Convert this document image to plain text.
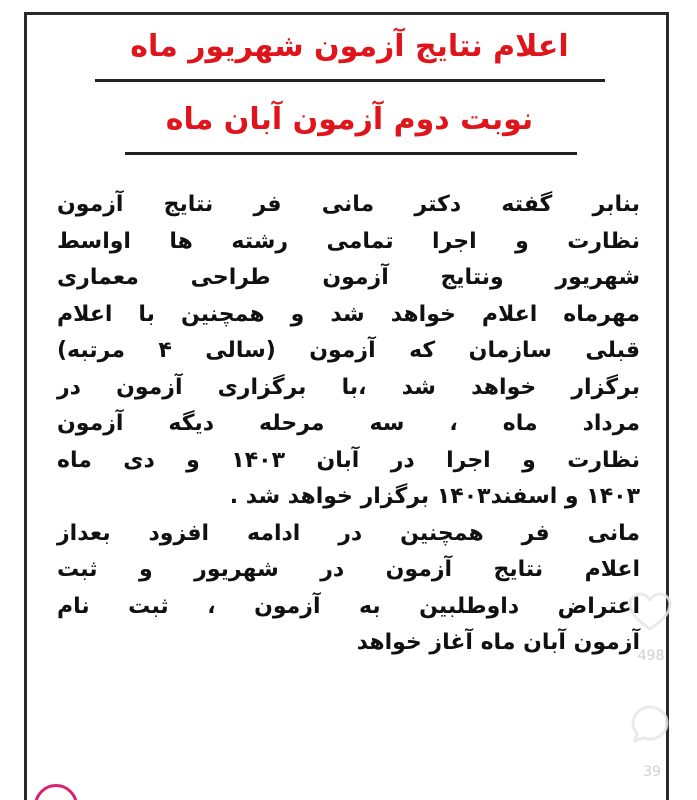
اعلام نتایج آزمون شهریور ماه
نوبت دوم آزمون آبان ماه
بنابر گفته دکتر مانی فر نتایج آزمون
نظارت و اجرا تمامی رشته ها اواسط
شهریور ونتایج آزمون طراحی معماری
مهرماه اعلام خواهد شد و همچنین با اعلام
قبلی سازمان که آزمون (سالی ۴ مرتبه)
برگزار خواهد شد ،با برگزاری آزمون در
مرداد ماه ، سه مرحله دیگه آزمون
نظارت و اجرا در آبان ۱۴۰۳ و دی ماه
۱۴۰۳ و اسفند۱۴۰۳ برگزار خواهد شد .
مانی فر همچنین در ادامه افزود بعداز
اعلام نتایج آزمون در شهریور و ثبت
اعتراض داوطلبین به آزمون ، ثبت نام
آزمون آبان ماه آغاز خواهد
498
39
